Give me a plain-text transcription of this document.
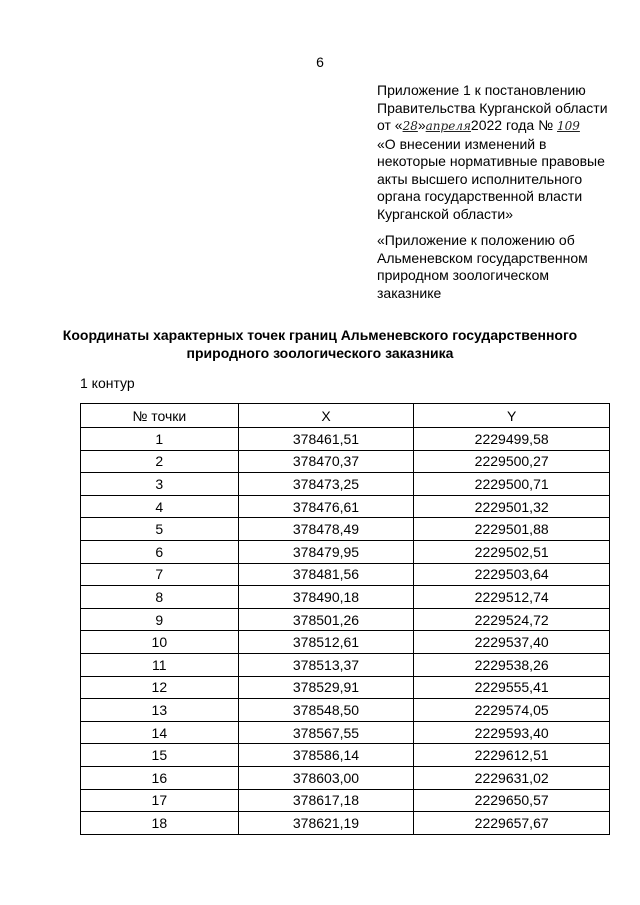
6
Приложение 1 к постановлению
Правительства Курганской области
от «28»апреля2022 года № 109
«О внесении изменений в
некоторые нормативные правовые
акты высшего исполнительного
органа государственной власти
Курганской области»
«Приложение к положению об
Альменевском государственном
природном зоологическом
заказнике
Координаты характерных точек границ Альменевского государственного
природного зоологического заказника
1 контур
№ точки	X	Y
1	378461,51	2229499,58
2	378470,37	2229500,27
3	378473,25	2229500,71
4	378476,61	2229501,32
5	378478,49	2229501,88
6	378479,95	2229502,51
7	378481,56	2229503,64
8	378490,18	2229512,74
9	378501,26	2229524,72
10	378512,61	2229537,40
11	378513,37	2229538,26
12	378529,91	2229555,41
13	378548,50	2229574,05
14	378567,55	2229593,40
15	378586,14	2229612,51
16	378603,00	2229631,02
17	378617,18	2229650,57
18	378621,19	2229657,67
